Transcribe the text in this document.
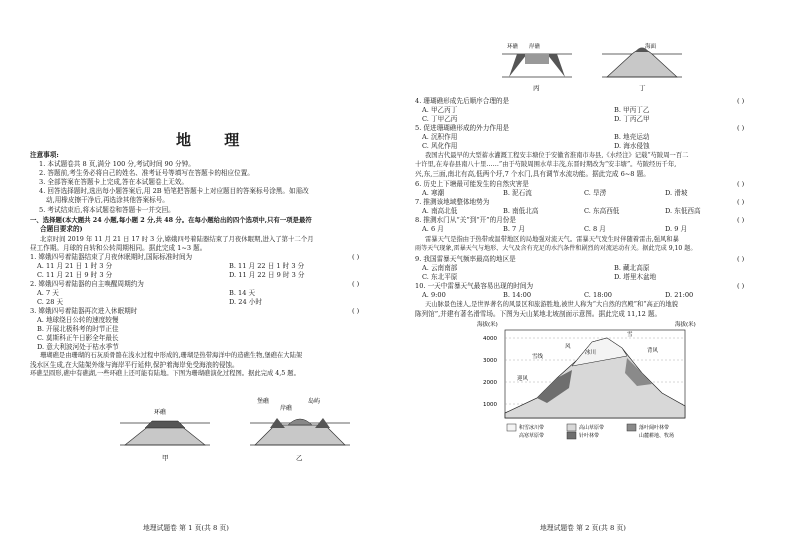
地 理
注意事项:
1. 本试题卷共 8 页,满分 100 分,考试时间 90 分钟。
2. 答题前,考生务必将自己的姓名、准考证号等填写在答题卡的相应位置。
3. 全部答案在答题卡上完成,答在本试题卷上无效。
4. 回答选择题时,选出每小题答案后,用 2B 铅笔把答题卡上对应题目的答案标号涂黑。如需改
动,用橡皮擦干净后,再选涂其他答案标号。
5. 考试结束后,将本试题卷和答题卡一并交回。
一、选择题(本大题共 24 小题,每小题 2 分,共 48 分。在每小题给出的四个选项中,只有一项是最符
合题目要求的)
北京时间 2019 年 11 月 21 日 17 时 3 分,嫦娥四号着陆器结束了月夜休眠期,进入了第十二个月
昼工作期。月球的自转和公转周期相同。据此完成 1~3 题。
1. 嫦娥四号着陆器结束了月夜休眠期时,国际标准时间为	( )
A. 11 月 21 日 1 时 3 分	B. 11 月 22 日 1 时 3 分
C. 11 月 21 日 9 时 3 分	D. 11 月 22 日 9 时 3 分
2. 嫦娥四号着陆器的自主唤醒周期约为	( )
A. 7 天	B. 14 天
C. 28 天	D. 24 小时
3. 嫦娥四号着陆器再次进入休眠期时	( )
A. 地球绕日公转的速度较慢
B. 开展北极科考的时节正佳
C. 莫斯科正午日影全年最长
D. 意大利波河处于枯水季节
珊瑚礁是由珊瑚的石灰质骨骼在浅水过程中形成的,珊瑚是热带海洋中的造礁生物,堡礁在大陆架
浅水区生成,在大陆架外缘与海岸平行延伸,保护着海岸免受海浪的侵蚀。
环礁呈圆形,礁中有礁湖,一些环礁上还可能有陆地。下图为珊瑚礁演化过程图。据此完成 4,5 题。
环礁
甲
堡礁
岸礁
岛屿
乙
地理试题卷 第 1 页(共 8 页)
环礁 岸礁
丙
海面
丁
4. 珊瑚礁形成先后顺序合理的是	( )
A. 甲乙丙丁	B. 甲丙丁乙
C. 丁甲乙丙	D. 丁丙乙甲
5. 促进珊瑚礁形成的外力作用是	( )
A. 沉积作用	B. 地壳运动
C. 风化作用	D. 海水侵蚀
我国古代最早的大型蓄水灌溉工程安丰塘位于安徽省淮南市寿县,《水经注》记载“芍陂周一百二
十许里,在寿春县南八十里……”由于芍陂周围水草丰茂,东晋时期改为“安丰塘”。芍陂经历千年,
兴,东,三面,南北有高,低两个圩,7 个水门,具有调节水流功能。据此完成 6~8 题。
6. 历史上下塘最可能发生的自然灾害是	( )
A. 寒潮	B. 泥石流	C. 旱涝	D. 滑坡
7. 推测该地域整体地势为	( )
A. 南高北低	B. 南低北高	C. 东高西低	D. 东低西高
8. 推测水门从“关”到“开”的月份是	( )
A. 6 月	B. 7 月	C. 8 月	D. 9 月
雷暴天气是指由于热带或温带地区的局地强对流天气。雷暴天气发生时伴随着雷击,强风和暴
雨等天气现象,雷暴天气与地形、大气及含有充足的水汽条件和剧烈的对流运动有关。据此完成 9,10 题。
9. 我国雷暴天气频率最高的地区是	( )
A. 云南南部	B. 藏北高原
C. 东北平原	D. 塔里木盆地
10. 一天中雷暴天气最容易出现的时间为	( )
A. 9:00	B. 14:00	C. 18:00	D. 21:00
天山脉景色迷人,是世界著名的风景区和旅游胜地,被世人称为“大自然的宫殿”和“高正的地貌
陈列馆”,并建有著名滑雪场。下图为天山某地北坡剖面示意图。据此完成 11,12 题。
海拔(米)	海拔(米)
4000
3000
2000
1000
雪线
冰川
风
雪
背风
迎风
积雪冰川带	高山草原带	落叶阔叶林带
高寒草原带	针叶林带	山麓耕地、牧场
地理试题卷 第 2 页(共 8 页)
